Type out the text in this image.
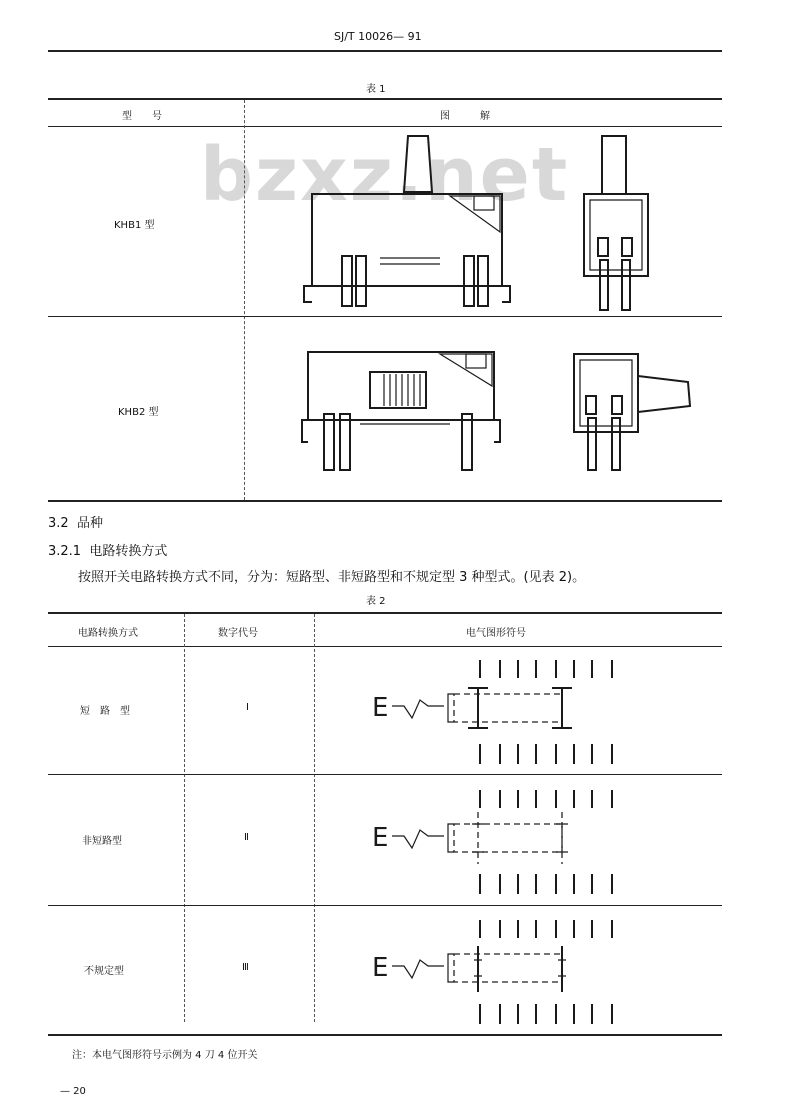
bzxz.net
SJ/T 10026— 91
表 1
型　　号	图　　　解
KHB1 型
KHB2 型
3.2 品种
3.2.1 电路转换方式
按照开关电路转换方式不同，分为：短路型、非短路型和不规定型 3 种型式。(见表 2)。
表 2
电路转换方式	数字代号	电气图形符号
短　路　型	Ⅰ
非短路型	Ⅱ
不规定型	Ⅲ
E
E
E
注：本电气图形符号示例为 4 刀 4 位开关
— 20
